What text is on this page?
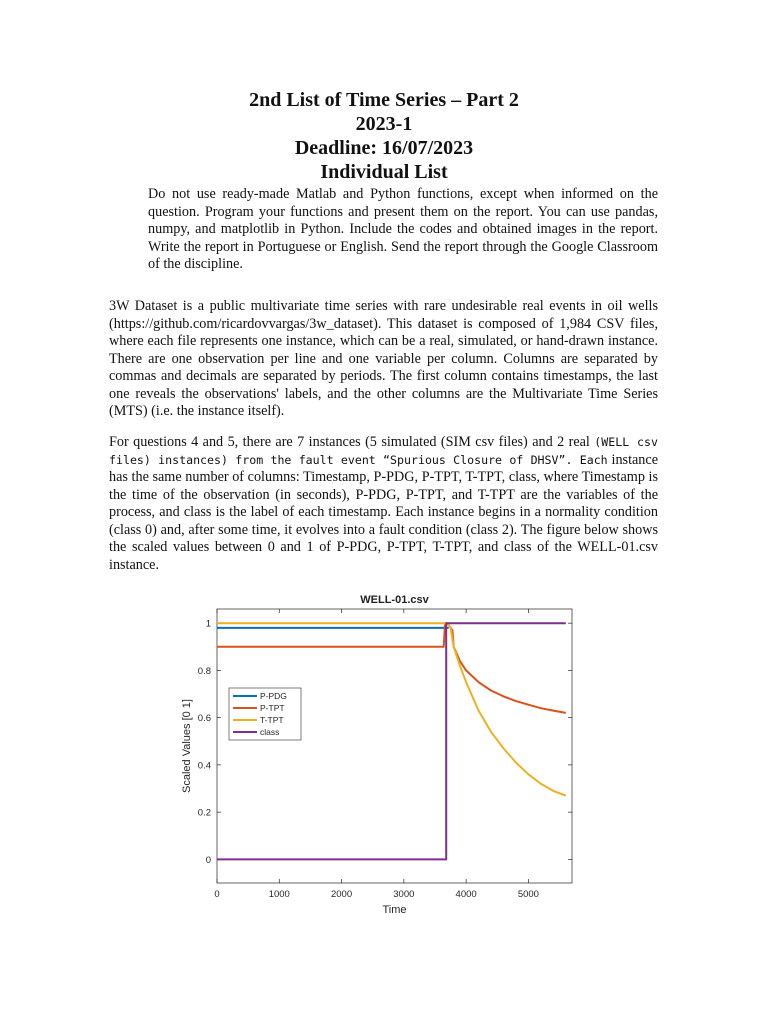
2nd List of Time Series – Part 2
2023-1
Deadline: 16/07/2023
Individual List
Do not use ready-made Matlab and Python functions, except when informed on the question. Program your functions and present them on the report. You can use pandas, numpy, and matplotlib in Python. Include the codes and obtained images in the report. Write the report in Portuguese or English. Send the report through the Google Classroom of the discipline.
3W Dataset is a public multivariate time series with rare undesirable real events in oil wells (https://github.com/ricardovvargas/3w_dataset). This dataset is composed of 1,984 CSV files, where each file represents one instance, which can be a real, simulated, or hand-drawn instance. There are one observation per line and one variable per column. Columns are separated by commas and decimals are separated by periods. The first column contains timestamps, the last one reveals the observations' labels, and the other columns are the Multivariate Time Series (MTS) (i.e. the instance itself).
For questions 4 and 5, there are 7 instances (5 simulated (SIM csv files) and 2 real (WELL csv files) instances) from the fault event “Spurious Closure of DHSV”. Each instance has the same number of columns: Timestamp, P-PDG, P-TPT, T-TPT, class, where Timestamp is the time of the observation (in seconds), P-PDG, P-TPT, and T-TPT are the variables of the process, and class is the label of each timestamp. Each instance begins in a normality condition (class 0) and, after some time, it evolves into a fault condition (class 2). The figure below shows the scaled values between 0 and 1 of P-PDG, P-TPT, T-TPT, and class of the WELL-01.csv instance.
WELL-01.csv
0	1000	2000	3000	4000	5000
0
0.2
0.4
0.6
0.8
1
Time
Scaled Values [0 1]
P-PDG
P-TPT
T-TPT
class
